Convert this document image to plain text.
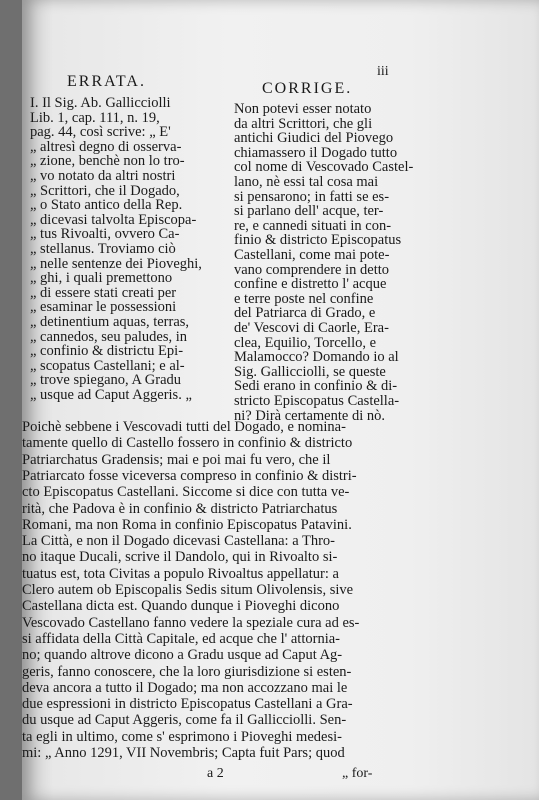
iii
ERRATA.	CORRIGE.
I. Il Sig. Ab. Gallicciolli
Lib. 1, cap. 111, n. 19,
pag. 44, così scrive: „ E'
„ altresì degno di osserva-
„ zione, benchè non lo tro-
„ vo notato da altri nostri
„ Scrittori, che il Dogado,
„ o Stato antico della Rep.
„ dicevasi talvolta Episcopa-
„ tus Rivoalti, ovvero Ca-
„ stellanus. Troviamo ciò
„ nelle sentenze dei Pioveghi,
„ ghi, i quali premettono
„ di essere stati creati per
„ esaminar le possessioni
„ detinentium aquas, terras,
„ cannedos, seu paludes, in
„ confinio & districtu Epi-
„ scopatus Castellani; e al-
„ trove spiegano, A Gradu
„ usque ad Caput Aggeris. „
Non potevi esser notato
da altri Scrittori, che gli
antichi Giudici del Piovego
chiamassero il Dogado tutto
col nome di Vescovado Castel-
lano, nè essi tal cosa mai
si pensarono; in fatti se es-
si parlano dell' acque, ter-
re, e cannedi situati in con-
finio & districto Episcopatus
Castellani, come mai pote-
vano comprendere in detto
confine e distretto l' acque
e terre poste nel confine
del Patriarca di Grado, e
de' Vescovi di Caorle, Era-
clea, Equilio, Torcello, e
Malamocco? Domando io al
Sig. Gallicciolli, se queste
Sedi erano in confinio & di-
stricto Episcopatus Castella-
ni? Dirà certamente di nò.
Poichè sebbene i Vescovadi tutti del Dogado, e nomina-
tamente quello di Castello fossero in confinio & districto
Patriarchatus Gradensis; mai e poi mai fu vero, che il
Patriarcato fosse viceversa compreso in confinio & distri-
cto Episcopatus Castellani. Siccome si dice con tutta ve-
rità, che Padova è in confinio & districto Patriarchatus
Romani, ma non Roma in confinio Episcopatus Patavini.
La Città, e non il Dogado dicevasi Castellana: a Thro-
no itaque Ducali, scrive il Dandolo, qui in Rivoalto si-
tuatus est, tota Civitas a populo Rivoaltus appellatur: a
Clero autem ob Episcopalis Sedis situm Olivolensis, sive
Castellana dicta est. Quando dunque i Pioveghi dicono
Vescovado Castellano fanno vedere la speziale cura ad es-
si affidata della Città Capitale, ed acque che l' attornia-
no; quando altrove dicono a Gradu usque ad Caput Ag-
geris, fanno conoscere, che la loro giurisdizione si esten-
deva ancora a tutto il Dogado; ma non accozzano mai le
due espressioni in districto Episcopatus Castellani a Gra-
du usque ad Caput Aggeris, come fa il Gallicciolli. Sen-
ta egli in ultimo, come s' esprimono i Pioveghi medesi-
mi: „ Anno 1291, VII Novembris; Capta fuit Pars; quod
a 2	„ for-
